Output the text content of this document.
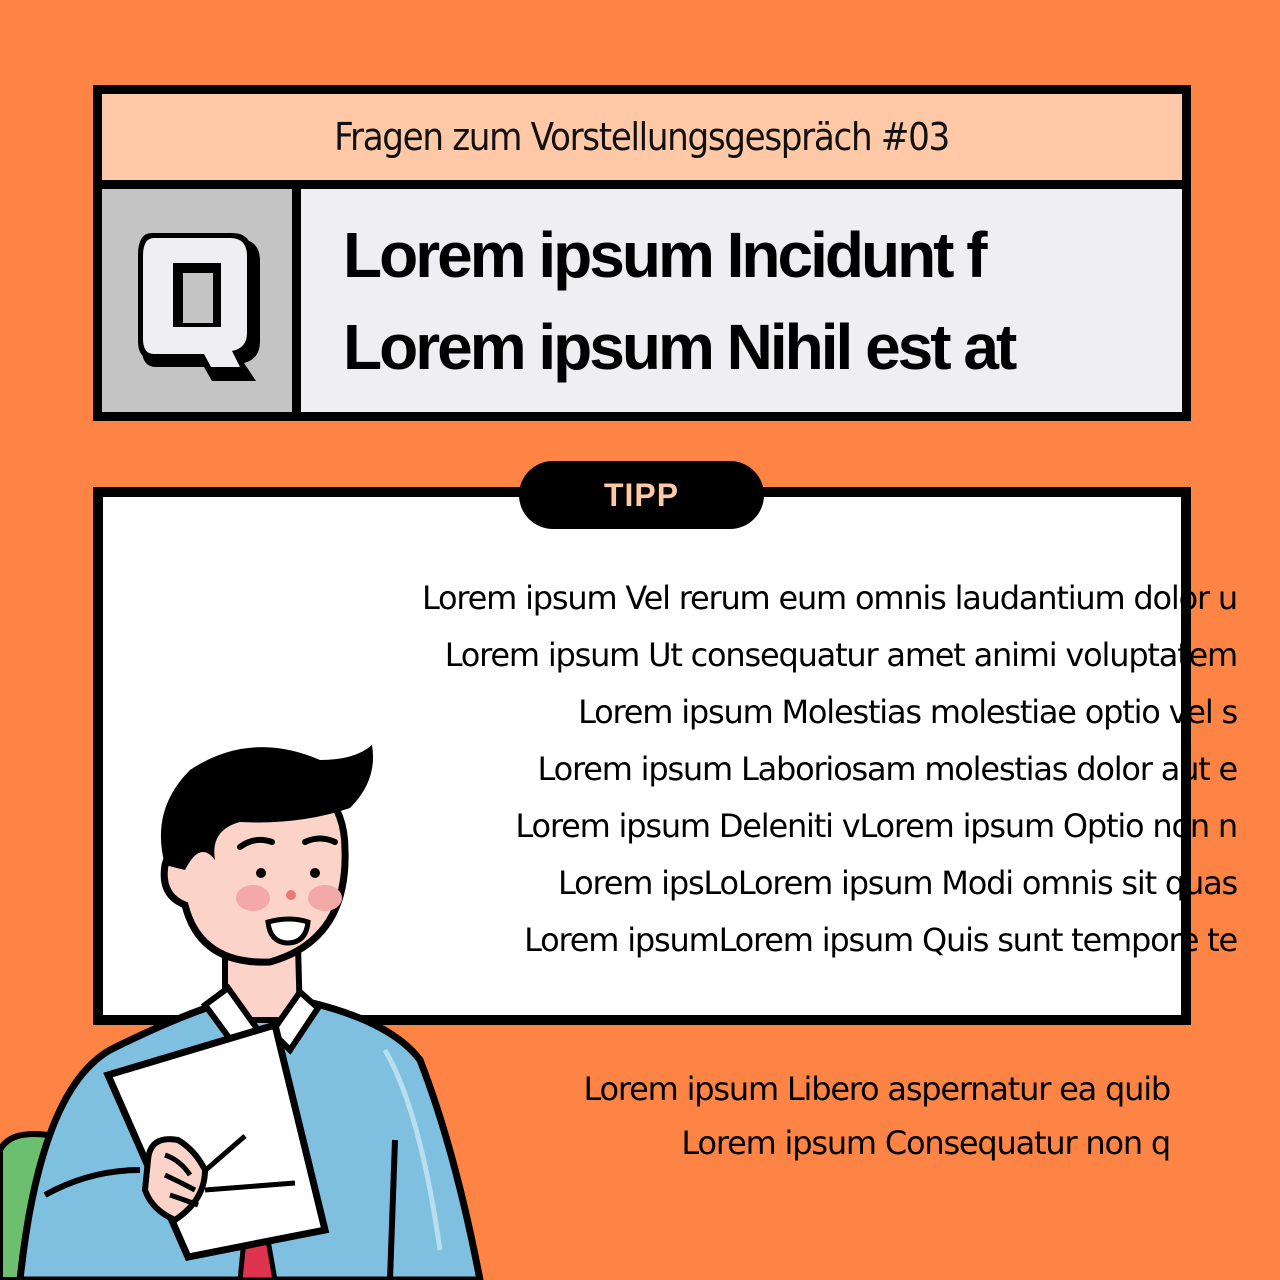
Fragen zum Vorstellungsgespräch #03
Lorem ipsum Incidunt f
Lorem ipsum Nihil est at
TIPP
Lorem ipsum Vel rerum eum omnis laudantium dolor u
Lorem ipsum Ut consequatur amet animi voluptatem
Lorem ipsum Molestias molestiae optio vel s
Lorem ipsum Laboriosam molestias dolor aut e
Lorem ipsum Deleniti vLorem ipsum Optio non n
Lorem ipsLoLorem ipsum Modi omnis sit quas
Lorem ipsumLorem ipsum Quis sunt tempore te
Lorem ipsum Libero aspernatur ea quib
Lorem ipsum Consequatur non q
